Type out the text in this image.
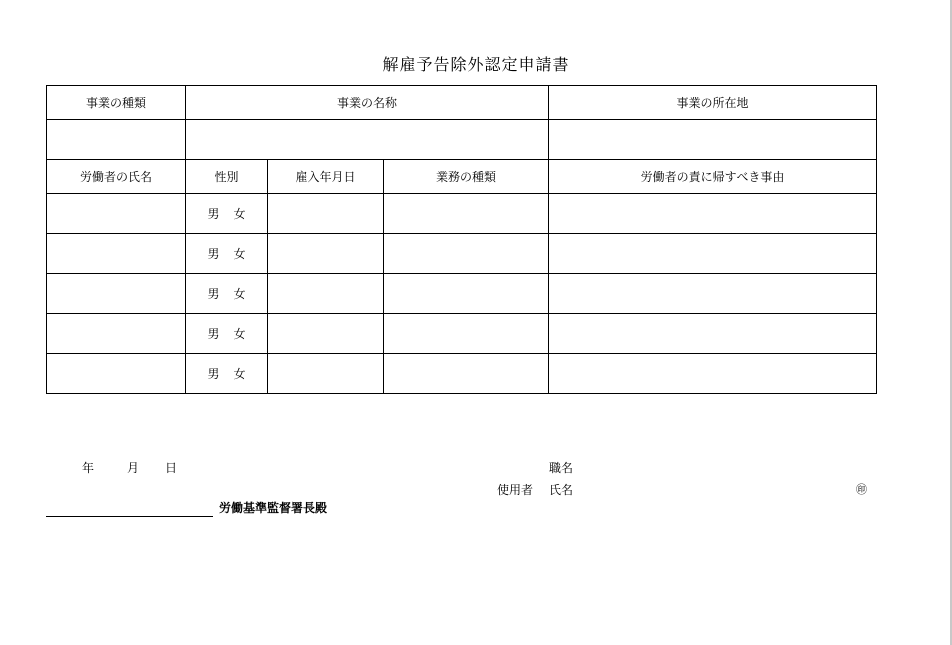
解雇予告除外認定申請書
事業の種類	事業の名称			事業の所在地

労働者の氏名	性別	雇入年月日	業務の種類	労働者の責に帰すべき事由
	男 女			
	男 女			
	男 女			
	男 女			
	男 女			
年	月 日	職名
使用者 氏名	㊞
労働基準監督署長殿
